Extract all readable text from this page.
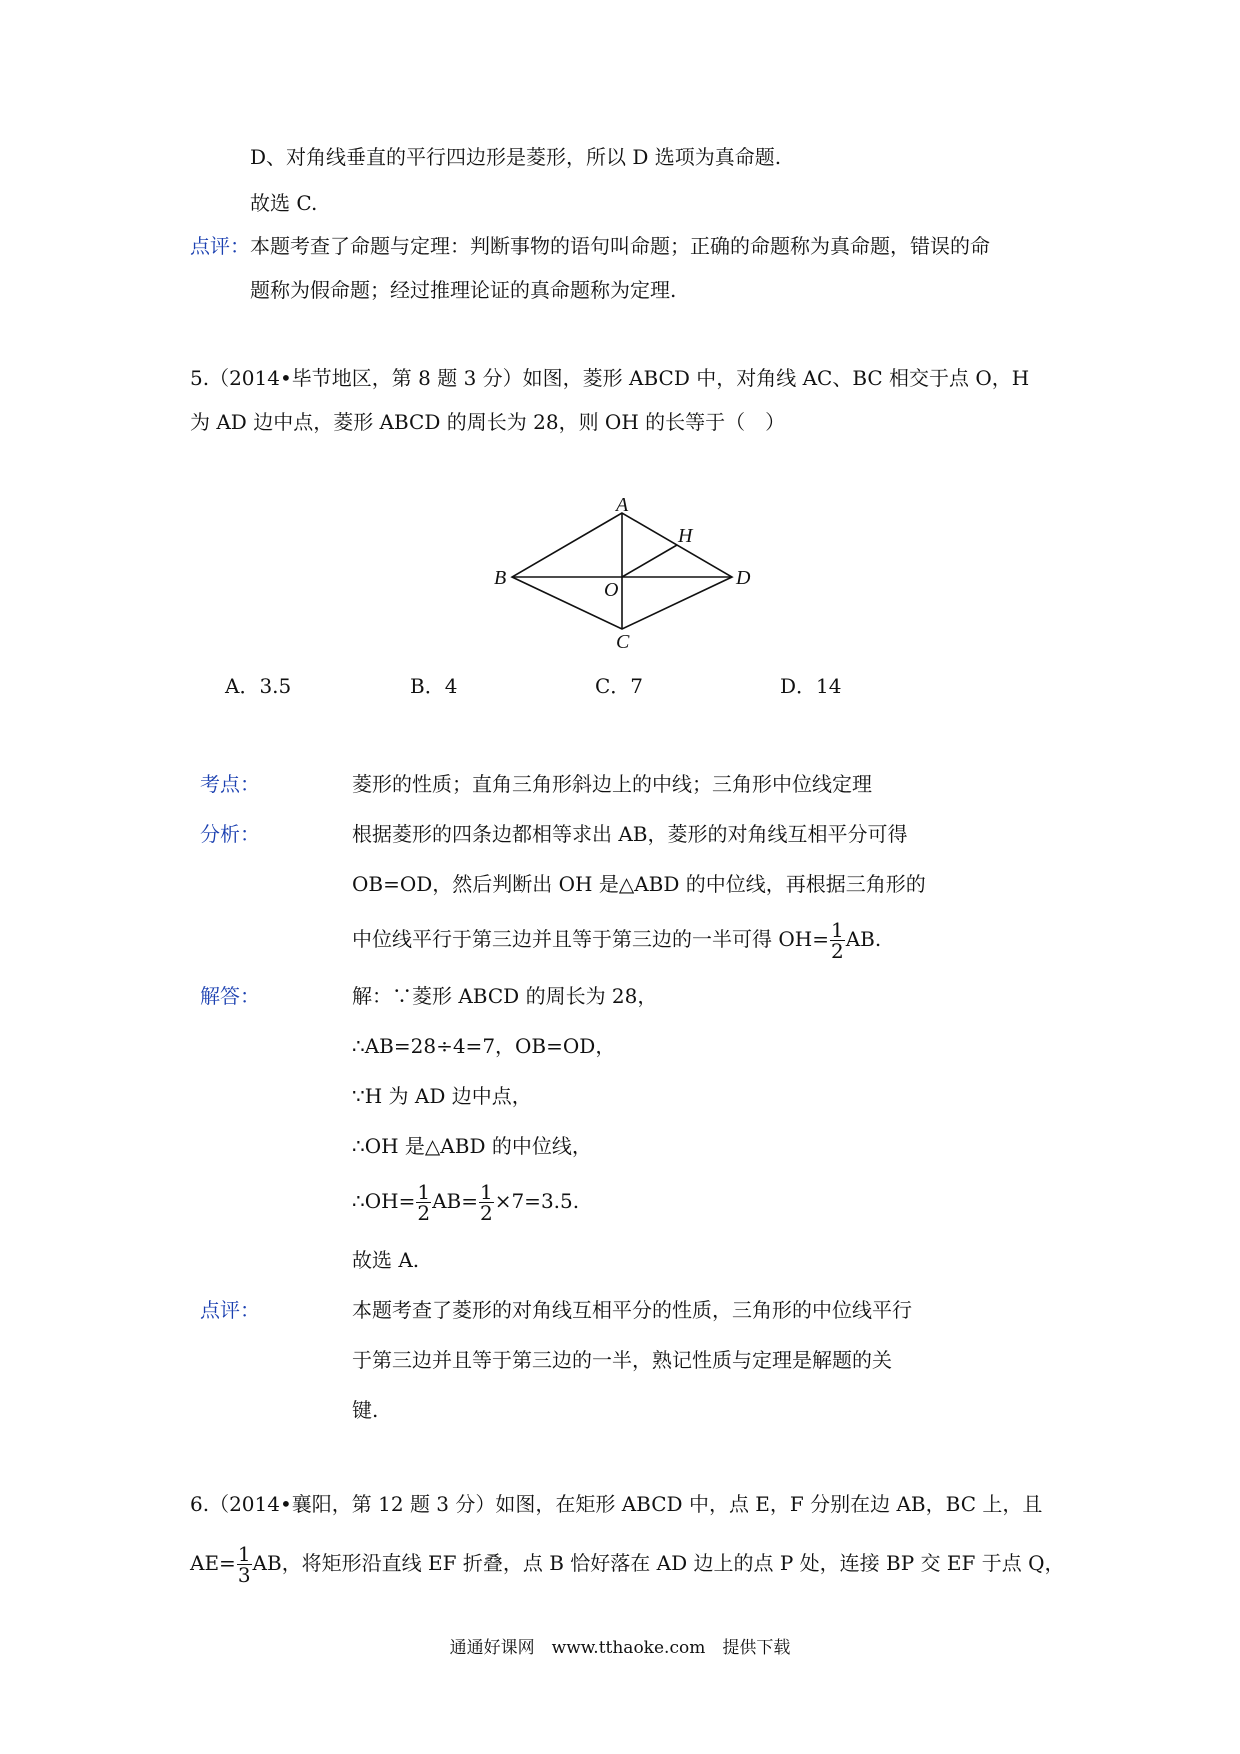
D、对角线垂直的平行四边形是菱形，所以 D 选项为真命题.
故选 C.
点评： 本题考查了命题与定理：判断事物的语句叫命题；正确的命题称为真命题，错误的命
题称为假命题；经过推理论证的真命题称为定理.
5.（2014•毕节地区，第 8 题 3 分）如图，菱形 ABCD 中，对角线 AC、BC 相交于点 O，H
为 AD 边中点，菱形 ABCD 的周长为 28，则 OH 的长等于（　）
A
B
C
D
O
H
A．3.5	B．4	C．7	D．14
考点：	菱形的性质；直角三角形斜边上的中线；三角形中位线定理
分析：	根据菱形的四条边都相等求出 AB，菱形的对角线互相平分可得
OB=OD，然后判断出 OH 是△ABD 的中位线，再根据三角形的
中位线平行于第三边并且等于第三边的一半可得 $OH= \frac{1}{2}$ AB.
解答：	解：∵菱形 ABCD 的周长为 28，
∴AB=28÷4=7，OB=OD，
∵H 为 AD 边中点，
∴OH 是△ABD 的中位线，
∴OH= $\frac{1}{2} AB= \frac{1}{2} \times 7=3.5$.
故选 A.
点评：	本题考查了菱形的对角线互相平分的性质，三角形的中位线平行
于第三边并且等于第三边的一半，熟记性质与定理是解题的关
键.
6.（2014•襄阳，第 12 题 3 分）如图，在矩形 ABCD 中，点 E，F 分别在边 AB，BC 上，且
$AE= \frac{1}{3}$ AB，将矩形沿直线 EF 折叠，点 B 恰好落在 AD 边上的点 P 处，连接 BP 交 EF 于点 Q，
通通好课网　www.tthaoke.com　提供下载
